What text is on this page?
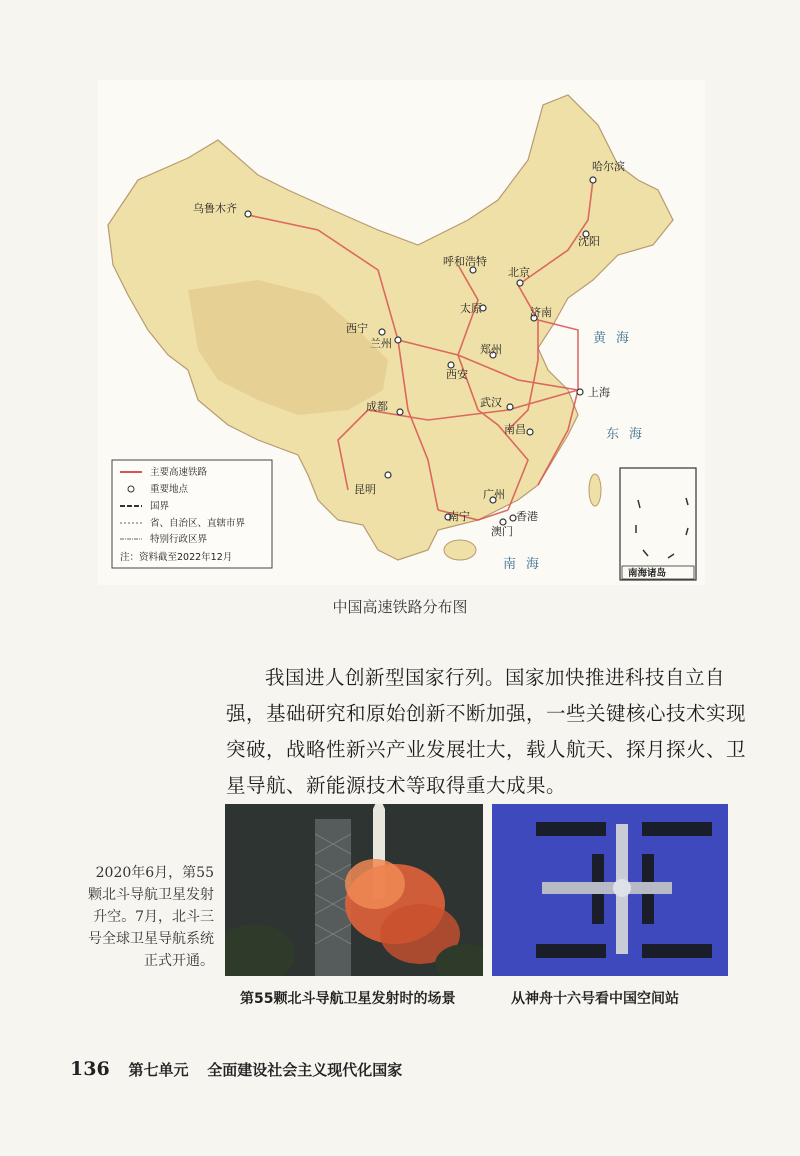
乌鲁木齐
哈尔滨
沈阳
呼和浩特
北京
太原	济南
西宁
兰州
西安
郑州
上海
成都	武汉
南昌
昆明	广州
南宁	香港
澳门
黄海
东海
南海
主要高速铁路
重要地点
国界
省、自治区、直辖市界
特别行政区界
注：资料截至2022年12月
南海诸岛
中国高速铁路分布图

我国进人创新型国家行列。国家加快推进科技自立自强，基础研究和原始创新不断加强，一些关键核心技术实现突破，战略性新兴产业发展壮大，载人航天、探月探火、卫星导航、新能源技术等取得重大成果。

2020年6月，第55颗北斗导航卫星发射升空。7月，北斗三号全球卫星导航系统正式开通。
第55颗北斗导航卫星发射时的场景	从神舟十六号看中国空间站
136 第七单元 全面建设社会主义现代化国家
